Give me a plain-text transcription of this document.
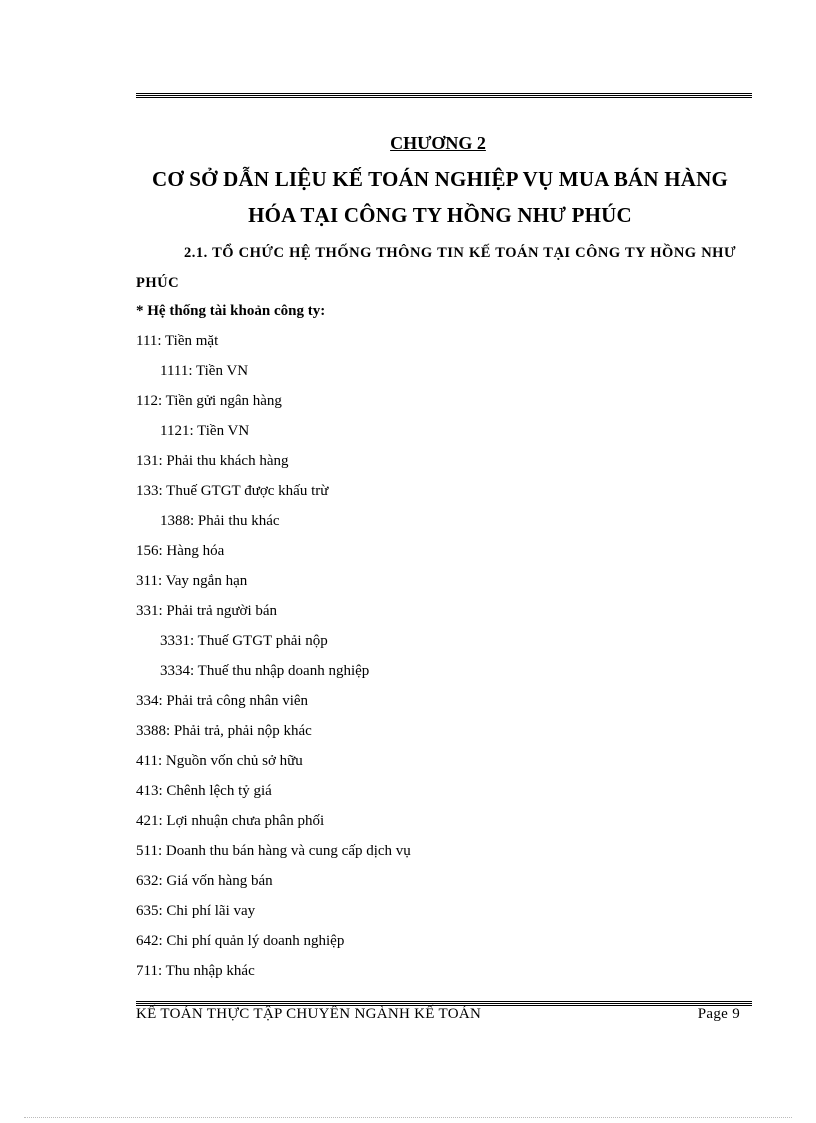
CHƯƠNG 2
CƠ SỞ DẪN LIỆU KẾ TOÁN NGHIỆP VỤ MUA BÁN HÀNG
HÓA TẠI CÔNG TY HỒNG NHƯ PHÚC
2.1. TỔ CHỨC HỆ THỐNG THÔNG TIN KẾ TOÁN TẠI CÔNG TY HỒNG NHƯ PHÚC
* Hệ thống tài khoản công ty:
111: Tiền mặt
1111: Tiền VN
112: Tiền gửi ngân hàng
1121: Tiền VN
131: Phải thu khách hàng
133: Thuế GTGT được khấu trừ
1388: Phải thu khác
156: Hàng hóa
311: Vay ngắn hạn
331: Phải trả người bán
3331: Thuế GTGT phải nộp
3334: Thuế thu nhập doanh nghiệp
334: Phải trả công nhân viên
3388: Phải trả, phải nộp khác
411: Nguồn vốn chủ sở hữu
413: Chênh lệch tỷ giá
421: Lợi nhuận chưa phân phối
511: Doanh thu bán hàng và cung cấp dịch vụ
632: Giá vốn hàng bán
635: Chi phí lãi vay
642: Chi phí quản lý doanh nghiệp
711: Thu nhập khác
KẾ TOÁN THỰC TẬP CHUYÊN NGÀNH KẾ TOÁN	Page 9
